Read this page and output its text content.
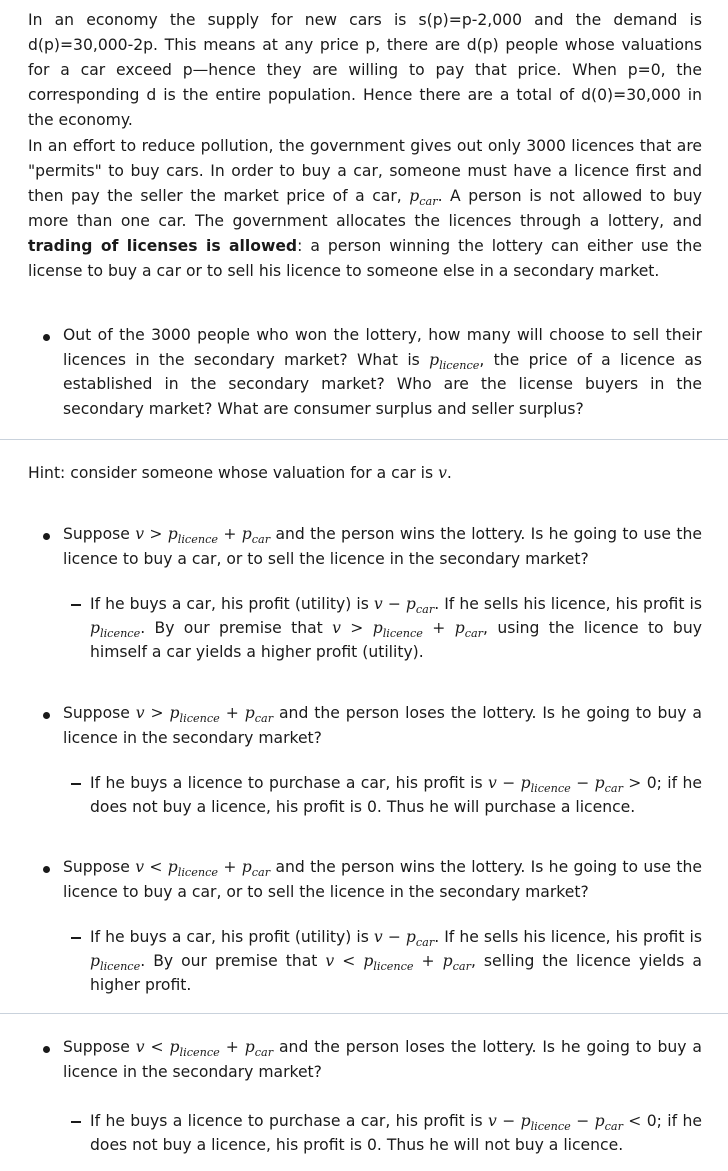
In an economy the supply for new cars is s(p)=p-2,000 and the demand is d(p)=30,000-2p. This means at any price p, there are d(p) people whose valuations for a car exceed p—hence they are willing to pay that price. When p=0, the corresponding d is the entire population. Hence there are a total of d(0)=30,000 in the economy.

In an effort to reduce pollution, the government gives out only 3000 licences that are "permits" to buy cars. In order to buy a car, someone must have a licence first and then pay the seller the market price of a car, $p_{car}$. A person is not allowed to buy more than one car. The government allocates the licences through a lottery, and trading of licenses is allowed: a person winning the lottery can either use the license to buy a car or to sell his licence to someone else in a secondary market.

Out of the 3000 people who won the lottery, how many will choose to sell their licences in the secondary market? What is $p_{licence}$, the price of a licence as established in the secondary market? Who are the license buyers in the secondary market? What are consumer surplus and seller surplus?

Hint: consider someone whose valuation for a car is v.

Suppose $v > p_{licence} + p_{car}$ and the person wins the lottery. Is he going to use the licence to buy a car, or to sell the licence in the secondary market?

If he buys a car, his profit (utility) is $v - p_{car}$. If he sells his licence, his profit is $p_{licence}$. By our premise that $v > p_{licence} + p_{car}$, using the licence to buy himself a car yields a higher profit (utility).

Suppose $v > p_{licence} + p_{car}$ and the person loses the lottery. Is he going to buy a licence in the secondary market?

If he buys a licence to purchase a car, his profit is $v - p_{licence} - p_{car} > 0$; if he does not buy a licence, his profit is 0. Thus he will purchase a licence.

Suppose $v < p_{licence} + p_{car}$ and the person wins the lottery. Is he going to use the licence to buy a car, or to sell the licence in the secondary market?

If he buys a car, his profit (utility) is $v - p_{car}$. If he sells his licence, his profit is $p_{licence}$. By our premise that $v < p_{licence} + p_{car}$, selling the licence yields a higher profit.

Suppose $v < p_{licence} + p_{car}$ and the person loses the lottery. Is he going to buy a licence in the secondary market?

If he buys a licence to purchase a car, his profit is $v - p_{licence} - p_{car} < 0$; if he does not buy a licence, his profit is 0. Thus he will not buy a licence.
